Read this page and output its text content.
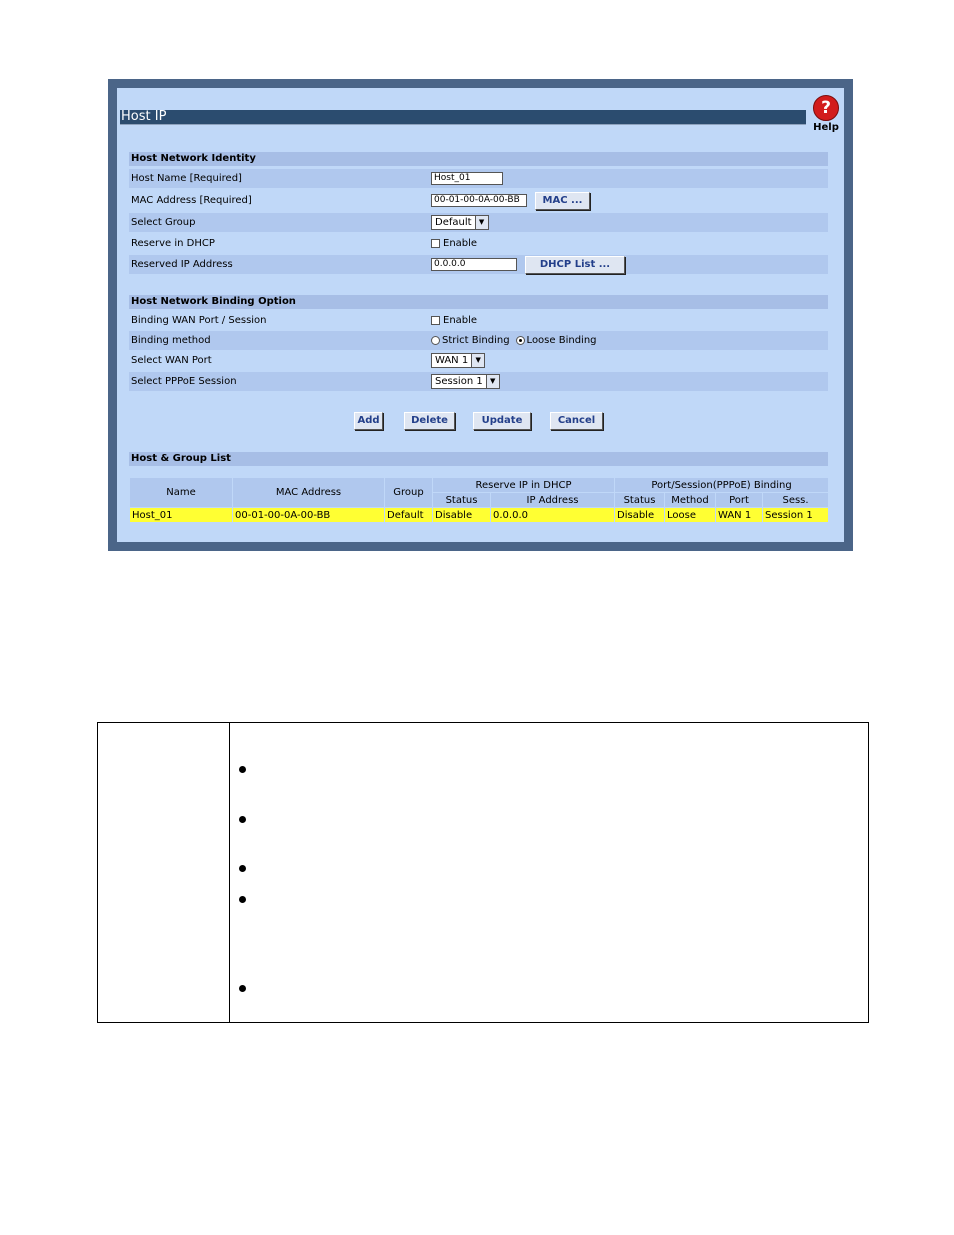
Host IP	?
Help
Host Network Identity
Host Name [Required]
Host_01
MAC Address [Required]
00-01-00-0A-00-BB	MAC ...
Select Group	Default	▼
Reserve in DHCP	Enable
Reserved IP Address
0.0.0.0	DHCP List ...
Host Network Binding Option
Binding WAN Port / Session	Enable
Binding method	Strict Binding Loose Binding
Select WAN Port	WAN 1	▼
Select PPPoE Session	Session 1	▼
Add	Delete	Update	Cancel
Host & Group List
Name	MAC Address	Group	Reserve IP in DHCP		Port/Session(PPPoE) Binding			
			Status	IP Address	Status	Method	Port	Sess.
Host_01	00-01-00-0A-00-BB	Default	Disable	0.0.0.0	Disable	Loose	WAN 1	Session 1
